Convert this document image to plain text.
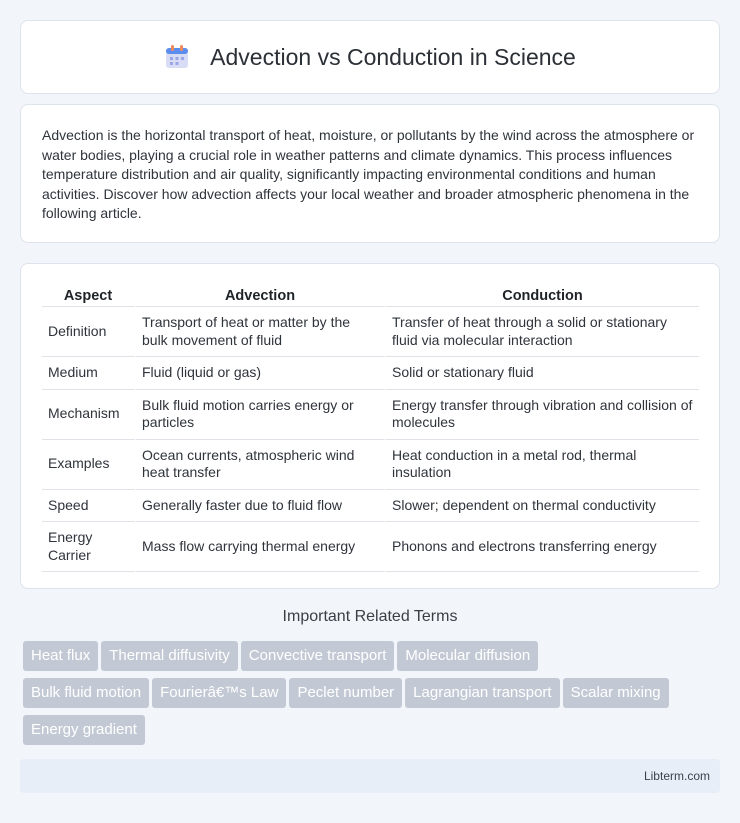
Advection vs Conduction in Science

Advection is the horizontal transport of heat, moisture, or pollutants by the wind across the atmosphere or water bodies, playing a crucial role in weather patterns and climate dynamics. This process influences temperature distribution and air quality, significantly impacting environmental conditions and human activities. Discover how advection affects your local weather and broader atmospheric phenomena in the following article.

Aspect	Advection	Conduction
Definition	Transport of heat or matter by the bulk movement of fluid	Transfer of heat through a solid or stationary fluid via molecular interaction
Medium	Fluid (liquid or gas)	Solid or stationary fluid
Mechanism	Bulk fluid motion carries energy or particles	Energy transfer through vibration and collision of molecules
Examples	Ocean currents, atmospheric wind heat transfer	Heat conduction in a metal rod, thermal insulation
Speed	Generally faster due to fluid flow	Slower; dependent on thermal conductivity
Energy Carrier	Mass flow carrying thermal energy	Phonons and electrons transferring energy
Important Related Terms
Heat flux Thermal diffusivity Convective transport Molecular diffusion
Bulk fluid motion Fourierâ€™s Law Peclet number Lagrangian transport Scalar mixing
Energy gradient
Libterm.com
